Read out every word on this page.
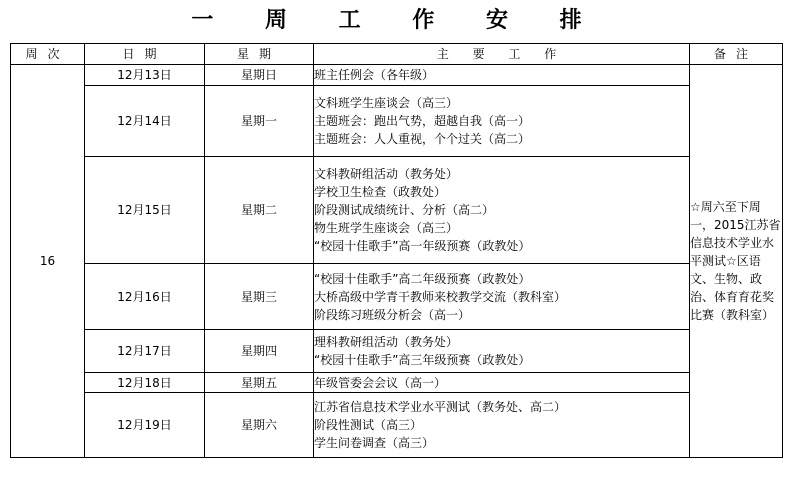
一 周 工 作 安 排
周次	日期	星期	主 要 工 作	备注
16	12月13日	星期日	班主任例会（各年级）	☆周六至下周一，2015江苏省信息技术学业水平测试☆区语文、生物、政治、体育育花奖比赛（教科室）
	12月14日	星期一	文科班学生座谈会（高三）
主题班会：跑出气势，超越自我（高一）
主题班会：人人重视，个个过关（高二）	

	12月15日	星期二	文科教研组活动（教务处）
学校卫生检查（政教处）
阶段测试成绩统计、分析（高二）
物生班学生座谈会（高三）
“校园十佳歌手”高一年级预赛（政教处）	

	12月16日	星期三	“校园十佳歌手”高二年级预赛（政教处）
大桥高级中学青干教师来校教学交流（教科室）
阶段练习班级分析会（高一）	

	12月17日	星期四	理科教研组活动（教务处）
“校园十佳歌手”高三年级预赛（政教处）	

	12月18日	星期五	年级管委会会议（高一）	

	12月19日	星期六	江苏省信息技术学业水平测试（教务处、高二）
阶段性测试（高三）
学生问卷调查（高三）	
